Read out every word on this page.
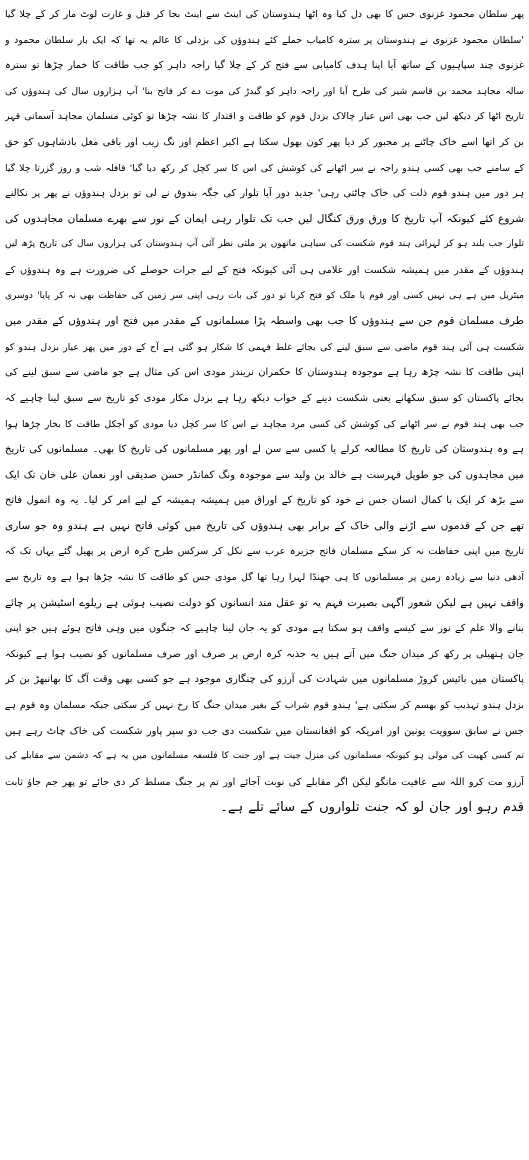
پھر سلطان محمود غزنوی جس کا بھی دل کیا وہ اٹھا ہندوستان کی اینٹ سے اینٹ بجا کر قتل و غارت لوٹ مار کر کے چلا گیا
'سلطان محمود غزنوی نے ہندوستان پر سترہ کامیاب حملے کئے ہندوؤں کی بزدلی کا عالم یہ تھا کہ ایک بار سلطان محمود و
غزنوی چند سپاہیوں کے ساتھ آیا اپنا ہدف کامیابی سے فتح کر کے چلا گیا راجہ داہر کو جب طاقت کا خمار چڑھا تو سترہ
سالہ مجاہد محمد بن قاسم شیر کی طرح آیا اور راجہ داہر کو گیدڑ کی موت دے کر فاتح بنا' آپ ہزاروں سال کی ہندوؤں کی
تاریخ اٹھا کر دیکھ لیں جب بھی اس عیار چالاک بزدل قوم کو طاقت و اقتدار کا نشہ چڑھا تو کوئی مسلمان مجاہد آسمانی قہر
بن کر اتھا اسے خاک چاٹنے پر مجبور کر دیا پھر کون بھول سکتا ہے اکبر اعظم اور نگ زیب اور باقی مغل بادشاہوں کو حق
کے سامنے جب بھی کسی ہندو راجہ نے سر اٹھانے کی کوشش کی اس کا سر کچل کر رکھ دیا گیا' قافلہ شب و روز گزرتا چلا گیا
ہر دور میں ہندو قوم ذلت کی خاک چاٹتی رہی' جدید دور آیا تلوار کی جگہ بندوق نے لی تو بزدل ہندوؤں نے پھر پر نکالنے
شروع کئے کیونکہ آپ تاریخ کا ورق ورق کنگال لیں جب تک تلوار رہی ایمان کے نور سے بھرے مسلمان مجاہدوں کی
تلوار جب بلند ہو کر لہرائی ہند قوم شکست کی سیاہی ماتھوں پر ملتی نظر آئی آپ ہندوستان کی ہزاروں سال کی تاریخ پڑھ لیں
ہندوؤں کے مقدر میں ہمیشہ شکست اور غلامی ہی آئی کیونکہ فتح کے لیے جرات حوصلے کی ضرورت ہے وہ ہندوؤں کے
میٹریل میں ہے ہی نہیں کسی اور قوم یا ملک کو فتح کرنا تو دور کی بات رہی اپنی سر زمین کی حفاظت بھی نہ کر پایا' دوسری
طرف مسلمان قوم جن سے ہندوؤں کا جب بھی واسطہ پڑا مسلمانوں کے مقدر میں فتح اور ہندوؤں کے مقدر میں
شکست ہی آئی ہند قوم ماضی سے سبق لینے کی بجائے غلط فہمی کا شکار ہو گئی ہے آج کے دور میں پھر عیار بزدل ہندو کو
اپنی طاقت کا نشہ چڑھ رہا ہے موجودہ ہندوستان کا حکمران نریندر مودی اس کی مثال ہے جو ماضی سے سبق لینے کی
بجائے پاکستان کو سبق سکھانے یعنی شکست دینے کے خواب دیکھ رہا ہے بزدل مکار مودی کو تاریخ سے سبق لینا چاہیے کہ
جب بھی ہند قوم نے سر اٹھانے کی کوشش کی کسی مرد مجاہد نے اس کا سر کچل دیا مودی کو آجکل طاقت کا بخار چڑھا ہوا
ہے وہ ہندوستان کی تاریخ کا مطالعہ کرلے یا کسی سے سن لے اور پھر مسلمانوں کی تاریخ کا بھی۔ مسلمانوں کی تاریخ
میں مجاہدوں کی جو طویل فہرست ہے خالد بن ولید سے موجودہ ونگ کمانڈر حسن صدیقی اور نعمان علی خان تک ایک
سے بڑھ کر ایک با کمال انسان جس نے خود کو تاریخ کے اوراق میں ہمیشہ ہمیشہ کے لیے امر کر لیا۔ یہ وہ انمول فاتح
تھے جن کے قدموں سے اڑنے والی خاک کے برابر بھی ہندوؤں کی تاریخ میں کوئی فاتح نہیں ہے ہندو وہ جو ساری
تاریخ میں اپنی حفاظت نہ کر سکے مسلمان فاتح جزیرہ عرب سے نکل کر سرکس طرح کرہ ارض پر پھیل گئے یہاں تک کہ
آدھی دنیا سے زیادہ زمین پر مسلمانوں کا ہی جھنڈا لہرا رہا تھا گل مودی جس کو طاقت کا نشہ چڑھا ہوا ہے وہ تاریخ سے
واقف نہیں ہے لیکن شعور آگہی بصیرت فہم یہ تو عقل مند انسانوں کو دولت نصیب ہوئی ہے ریلوے اسٹیشن پر چائے
بنانے والا علم کے نور سے کیسے واقف ہو سکتا ہے مودی کو یہ جان لینا چاہیے کہ جنگوں میں وہی فاتح ہوئے ہیں جو اپنی
جان ہتھیلی پر رکھ کر میدان جنگ میں آتے ہیں یہ جذبہ کرہ ارض پر صرف اور صرف مسلمانوں کو نصیب ہوا ہے کیونکہ
پاکستان میں بائیس کروڑ مسلمانوں میں شہادت کی آرزو کی چنگاری موجود ہے جو کسی بھی وقت آگ کا بھانبھڑ بن کر
بزدل ہندو تہذیب کو بھسم کر سکتی ہے' ہندو قوم شراب کے بغیر میدان جنگ کا رخ نہیں کر سکتی جبکہ مسلمان وہ قوم ہے
جس نے سابق سوویت یونین اور امریکہ کو افغانستان میں شکست دی جب دو سپر پاور شکست کی خاک چاٹ رہے ہیں
تم کسی کھیت کی مولی ہو کیونکہ مسلمانوں کی منزل جیت ہے اور جنت کا فلسفہ مسلمانوں میں یہ ہے کہ دشمن سے مقابلے کی
آرزو مت کرو اللہ سے عافیت مانگو لیکن اگر مقابلے کی نوبت آجائے اور تم پر جنگ مسلط کر دی جائے تو پھر جم جاؤ ثابت
قدم رہو اور جان لو کہ جنت تلواروں کے سائے تلے ہے۔
